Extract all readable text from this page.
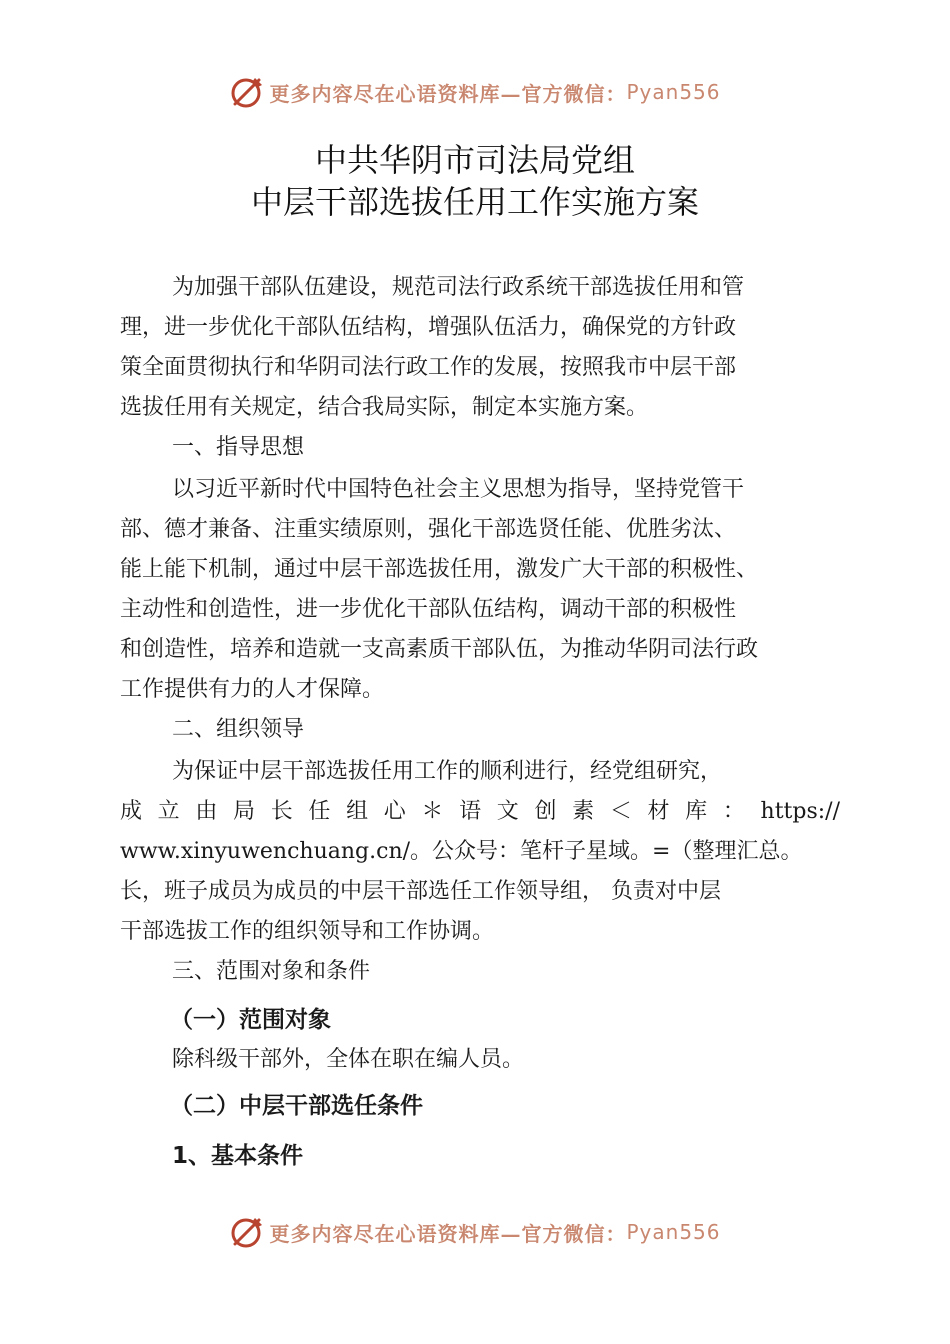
更多内容尽在心语资料库—官方微信： Pyan556
中共华阴市司法局党组
中层干部选拔任用工作实施方案
为加强干部队伍建设，规范司法行政系统干部选拔任用和管
理，进一步优化干部队伍结构，增强队伍活力，确保党的方针政
策全面贯彻执行和华阴司法行政工作的发展，按照我市中层干部
选拔任用有关规定，结合我局实际，制定本实施方案。
一、指导思想
以习近平新时代中国特色社会主义思想为指导，坚持党管干
部、德才兼备、注重实绩原则，强化干部选贤任能、优胜劣汰、
能上能下机制，通过中层干部选拔任用，激发广大干部的积极性、
主动性和创造性，进一步优化干部队伍结构，调动干部的积极性
和创造性，培养和造就一支高素质干部队伍，为推动华阴司法行政
工作提供有力的人才保障。
二、组织领导
为保证中层干部选拔任用工作的顺利进行，经党组研究，
成立由局长任组心＊语文创素＜材库：https://
www.xinyuwenchuang.cn/。公众号：笔杆子星域。=（整理汇总。
长，班子成员为成员的中层干部选任工作领导组， 负责对中层
干部选拔工作的组织领导和工作协调。
三、范围对象和条件
（一）范围对象
除科级干部外，全体在职在编人员。
（二）中层干部选任条件
1、基本条件
更多内容尽在心语资料库—官方微信： Pyan556
